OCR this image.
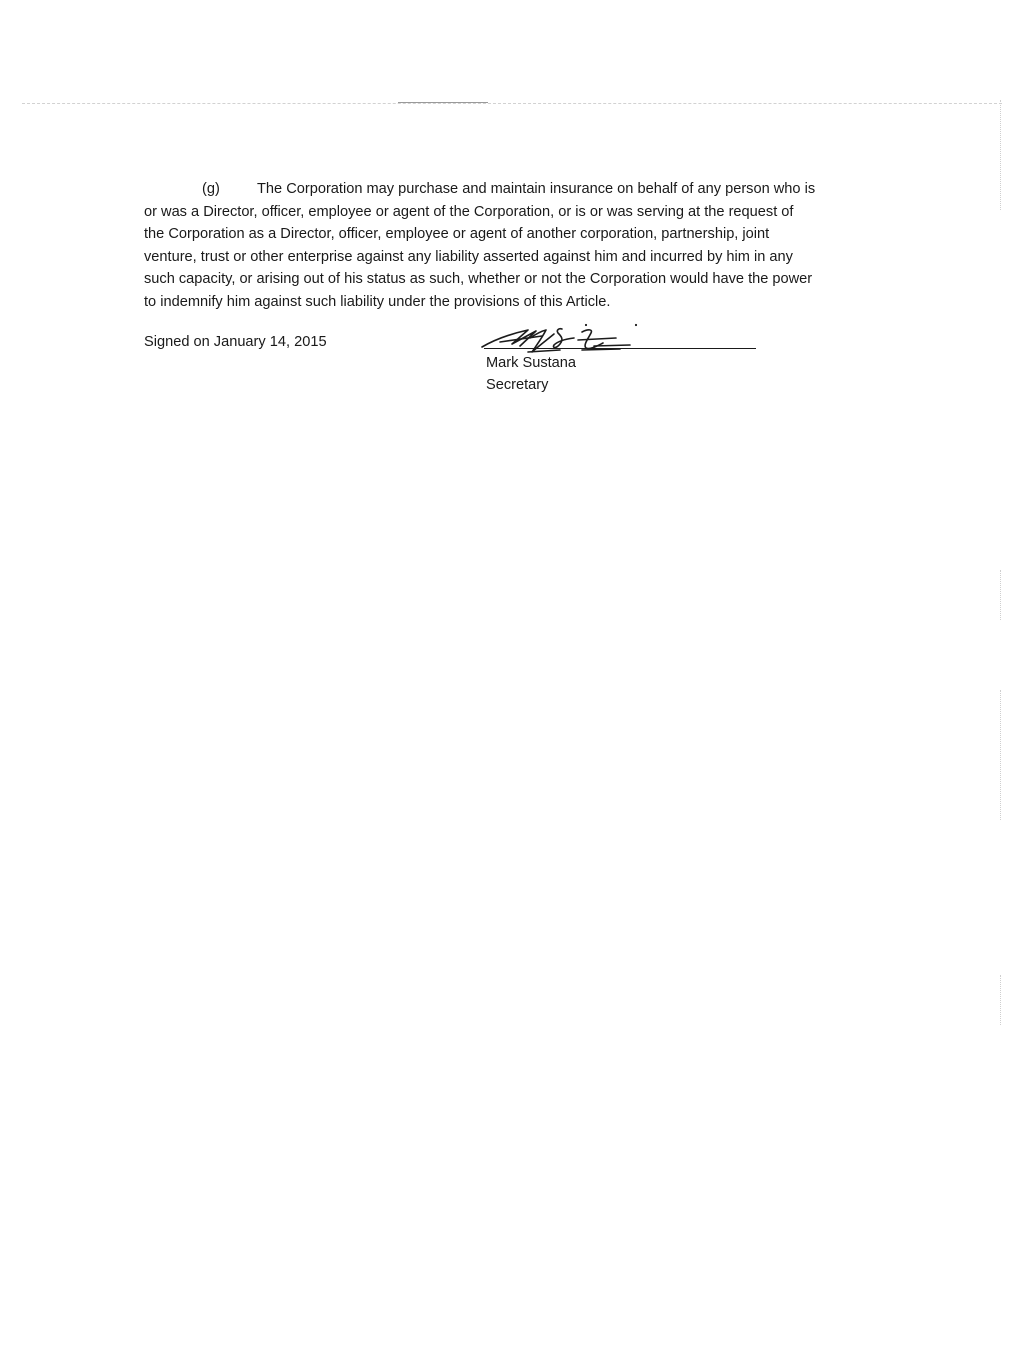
(g)	The Corporation may purchase and maintain insurance on behalf of any person who is
or was a Director, officer, employee or agent of the Corporation, or is or was serving at the request of
the Corporation as a Director, officer, employee or agent of another corporation, partnership, joint
venture, trust or other enterprise against any liability asserted against him and incurred by him in any
such capacity, or arising out of his status as such, whether or not the Corporation would have the power
to indemnify him against such liability under the provisions of this Article.
Signed on January 14, 2015
Mark Sustana
Secretary
